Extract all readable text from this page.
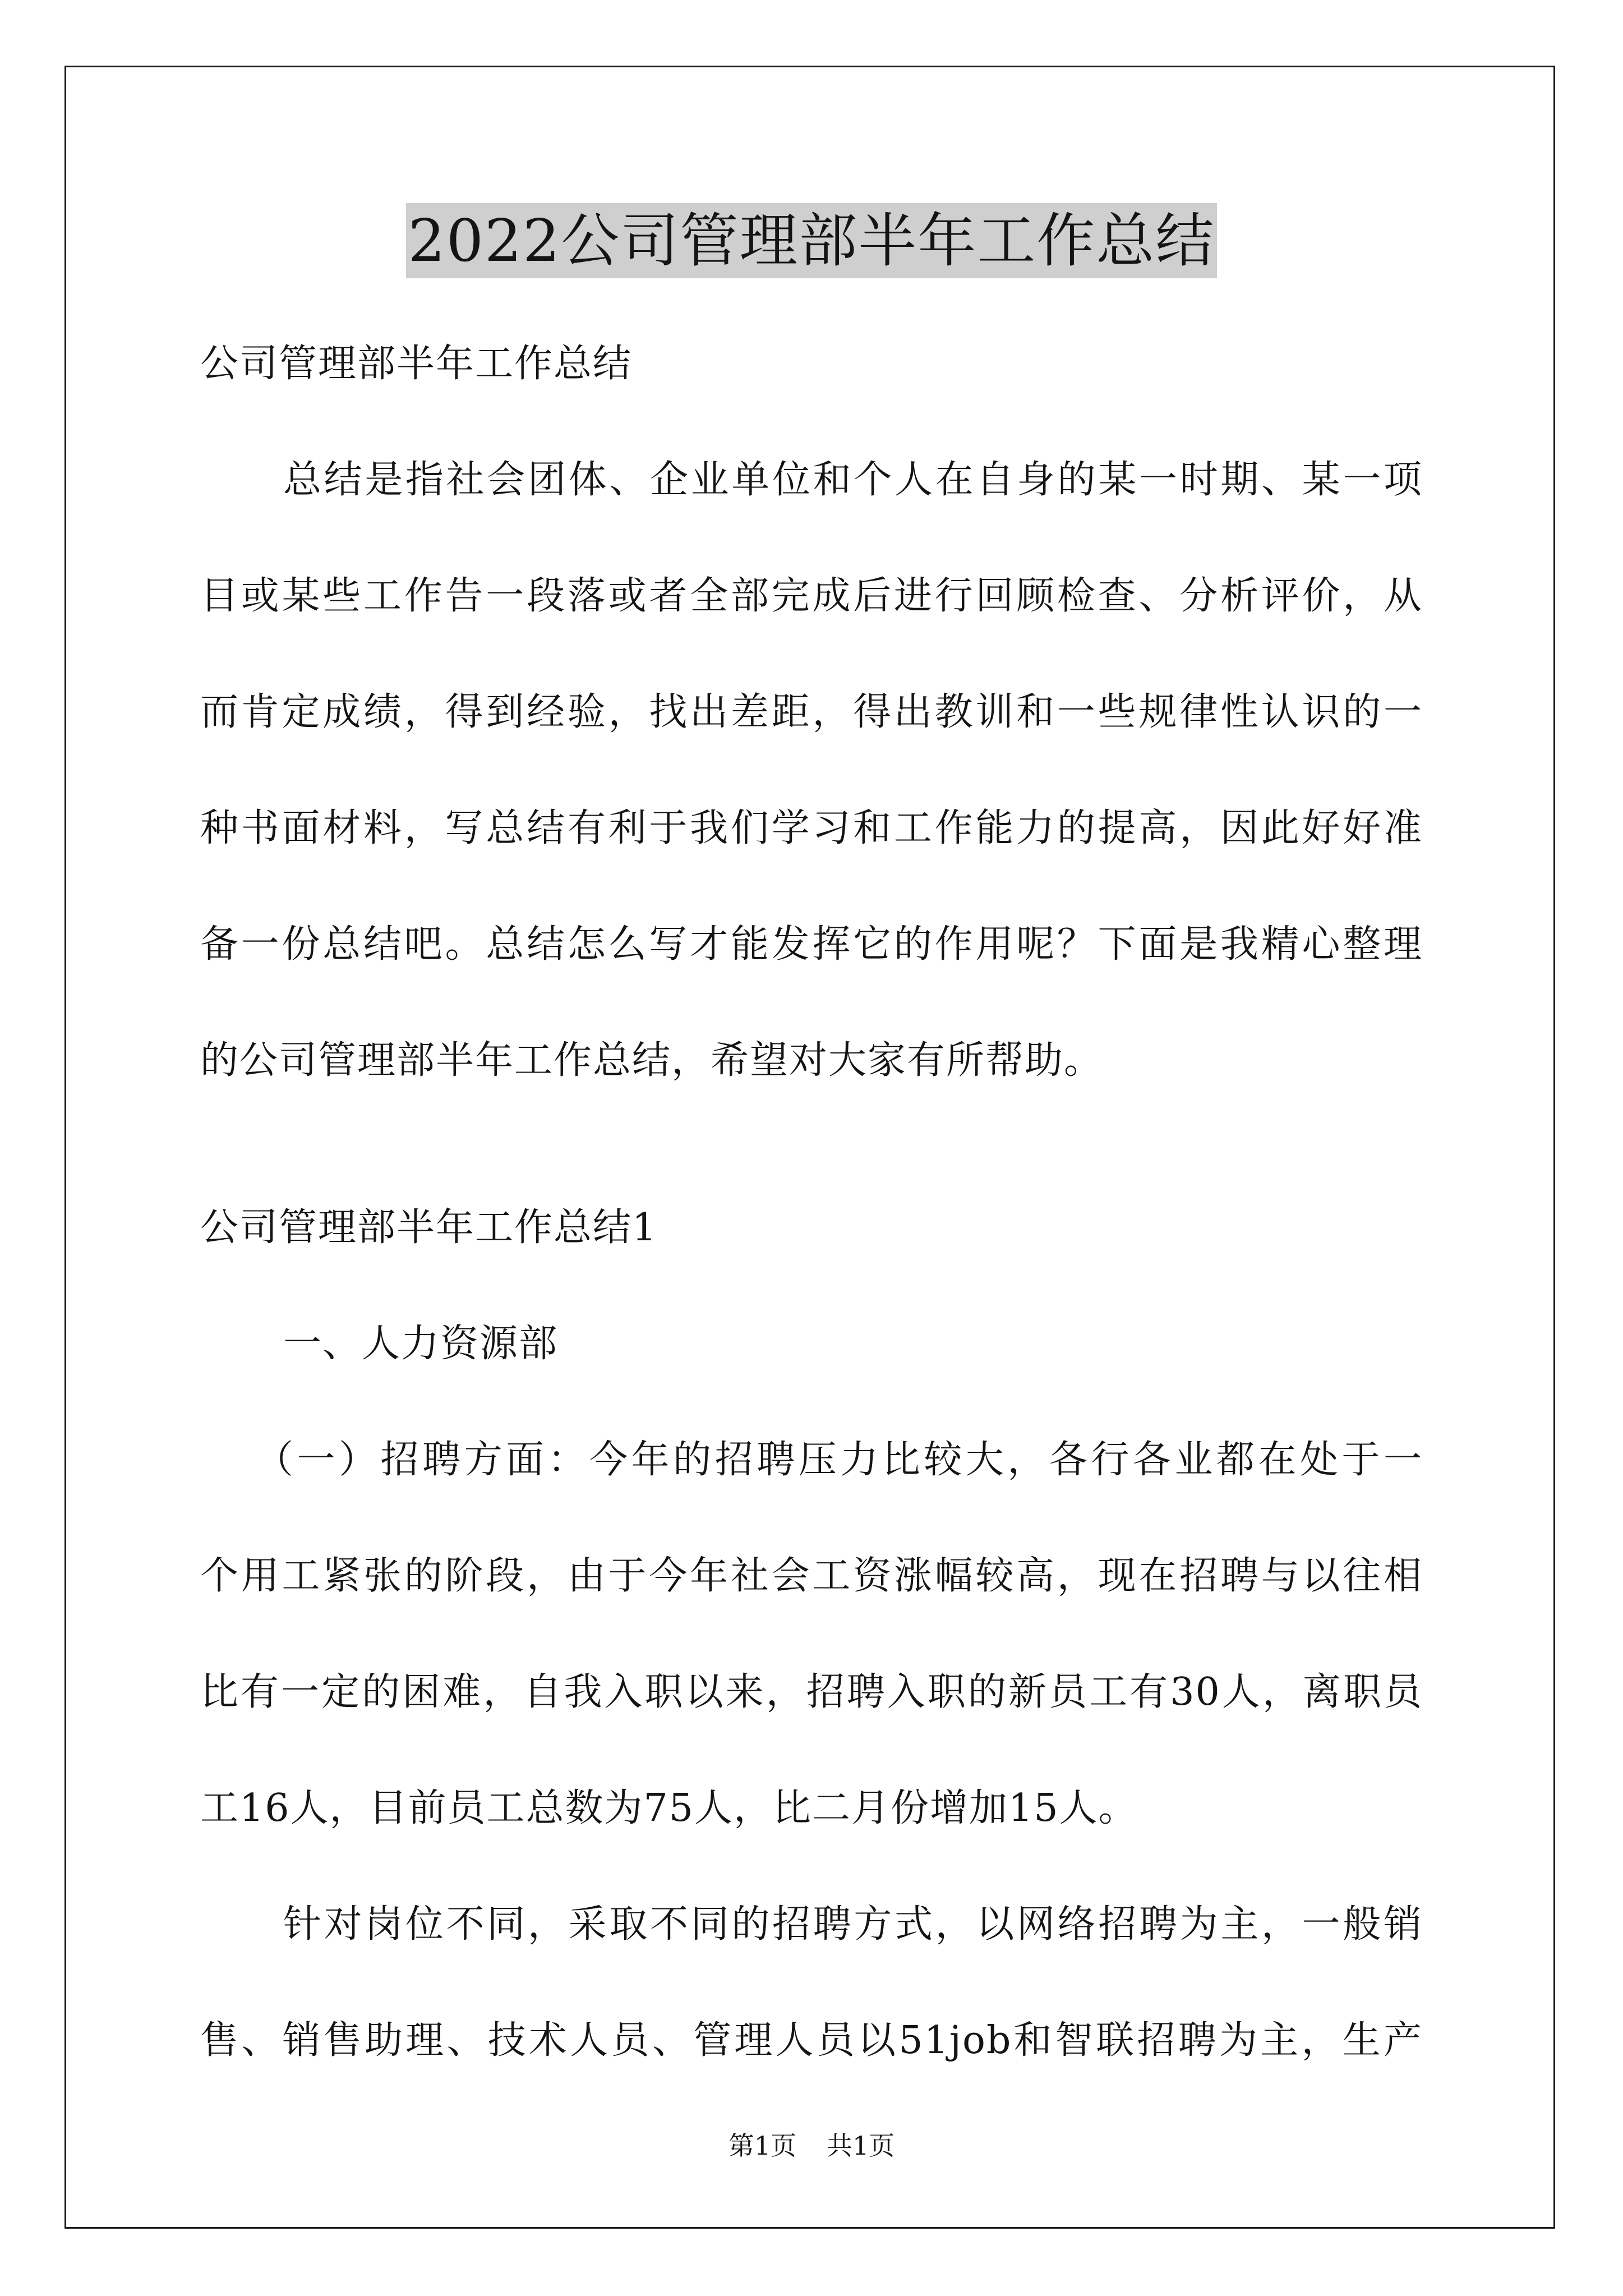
2022公司管理部半年工作总结
公司管理部半年工作总结
总结是指社会团体、企业单位和个人在自身的某一时期、某一项
目或某些工作告一段落或者全部完成后进行回顾检查、分析评价，从
而肯定成绩，得到经验，找出差距，得出教训和一些规律性认识的一
种书面材料，写总结有利于我们学习和工作能力的提高，因此好好准
备一份总结吧。总结怎么写才能发挥它的作用呢？下面是我精心整理
的公司管理部半年工作总结，希望对大家有所帮助。
公司管理部半年工作总结1
一、人力资源部
（一）招聘方面：今年的招聘压力比较大，各行各业都在处于一
个用工紧张的阶段，由于今年社会工资涨幅较高，现在招聘与以往相
比有一定的困难，自我入职以来，招聘入职的新员工有30人，离职员
工16人，目前员工总数为75人，比二月份增加15人。
针对岗位不同，采取不同的招聘方式，以网络招聘为主，一般销
售、销售助理、技术人员、管理人员以51job和智联招聘为主，生产
第1页 共1页
